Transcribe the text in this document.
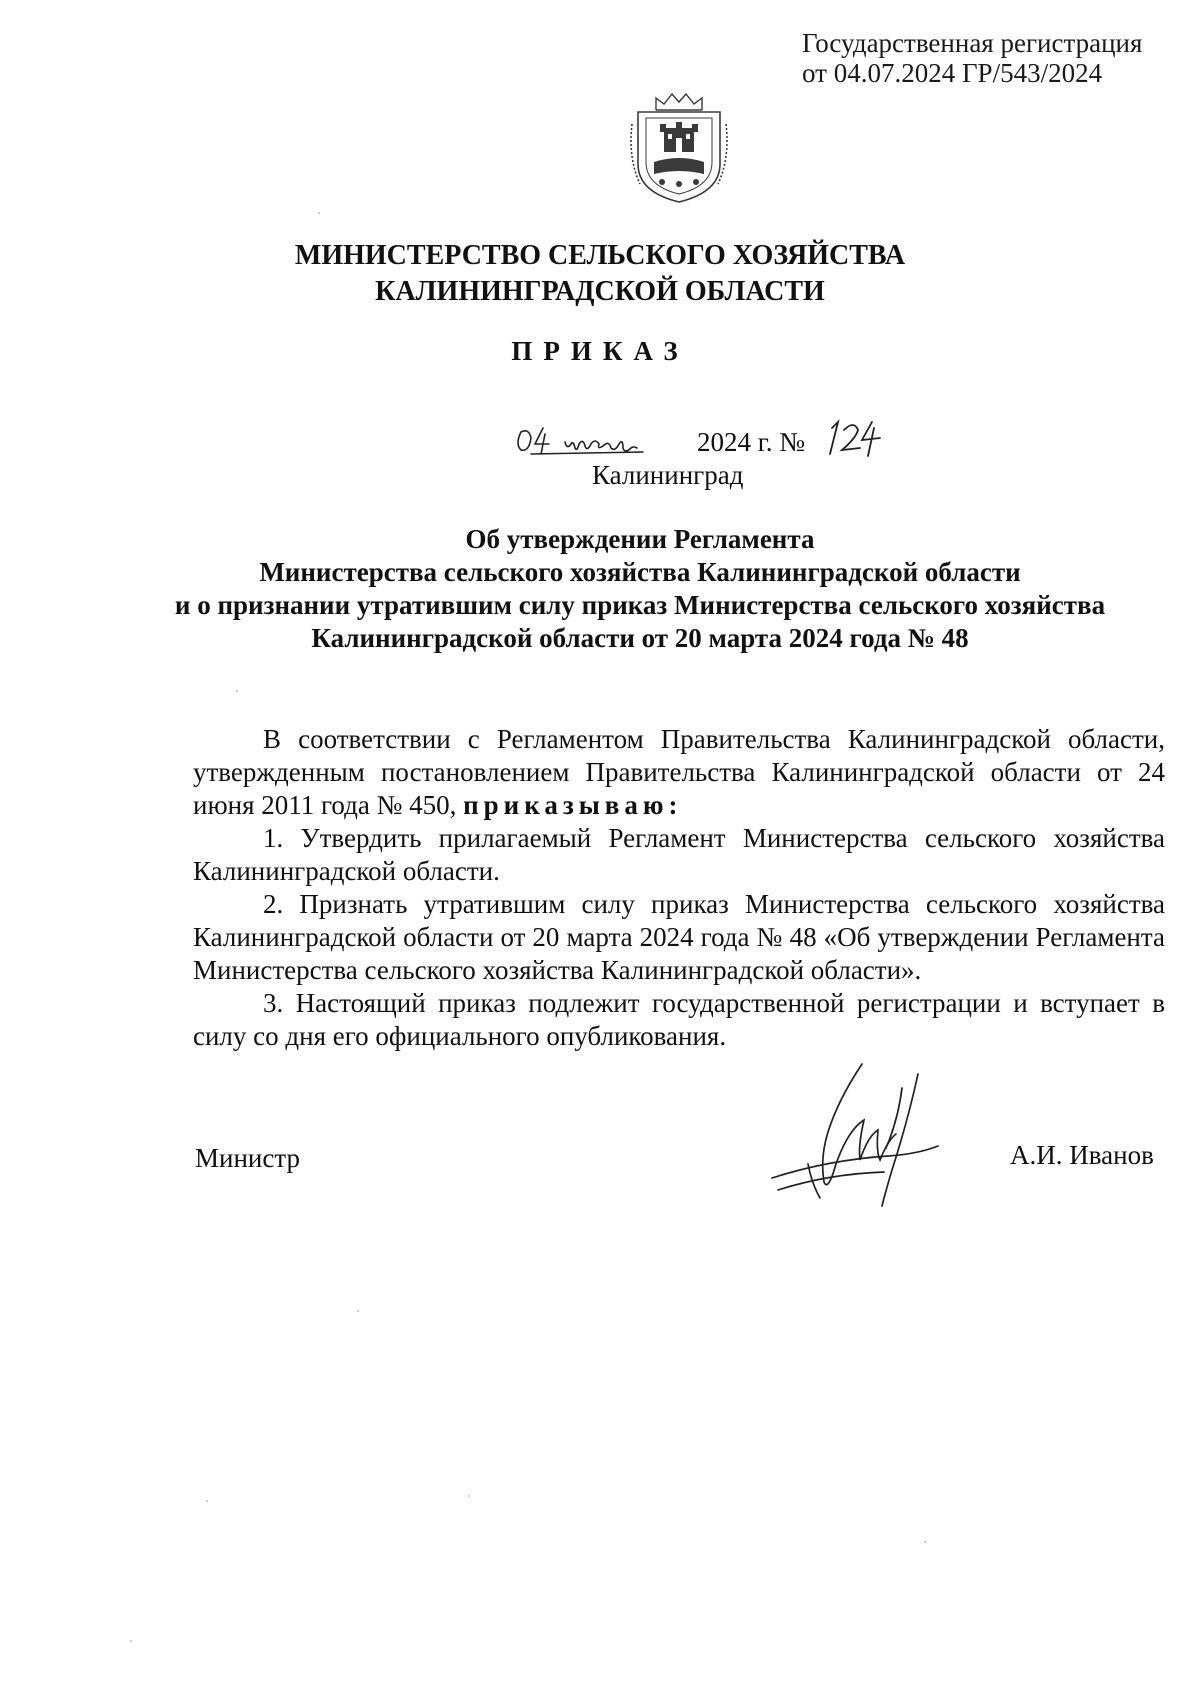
Государственная регистрация
от 04.07.2024 ГР/543/2024
МИНИСТЕРСТВО СЕЛЬСКОГО ХОЗЯЙСТВА
КАЛИНИНГРАДСКОЙ ОБЛАСТИ
ПРИКАЗ
2024 г. №
Калининград
Об утверждении Регламента
Министерства сельского хозяйства Калининградской области
и о признании утратившим силу приказ Министерства сельского хозяйства
Калининградской области от 20 марта 2024 года № 48

В соответствии с Регламентом Правительства Калининградской области, утвержденным постановлением Правительства Калининградской области от 24 июня 2011 года № 450, приказываю:

1. Утвердить прилагаемый Регламент Министерства сельского хозяйства Калининградской области.

2. Признать утратившим силу приказ Министерства сельского хозяйства Калининградской области от 20 марта 2024 года № 48 «Об утверждении Регламента Министерства сельского хозяйства Калининградской области».

3. Настоящий приказ подлежит государственной регистрации и вступает в силу со дня его официального опубликования.

Министр	А.И. Иванов
